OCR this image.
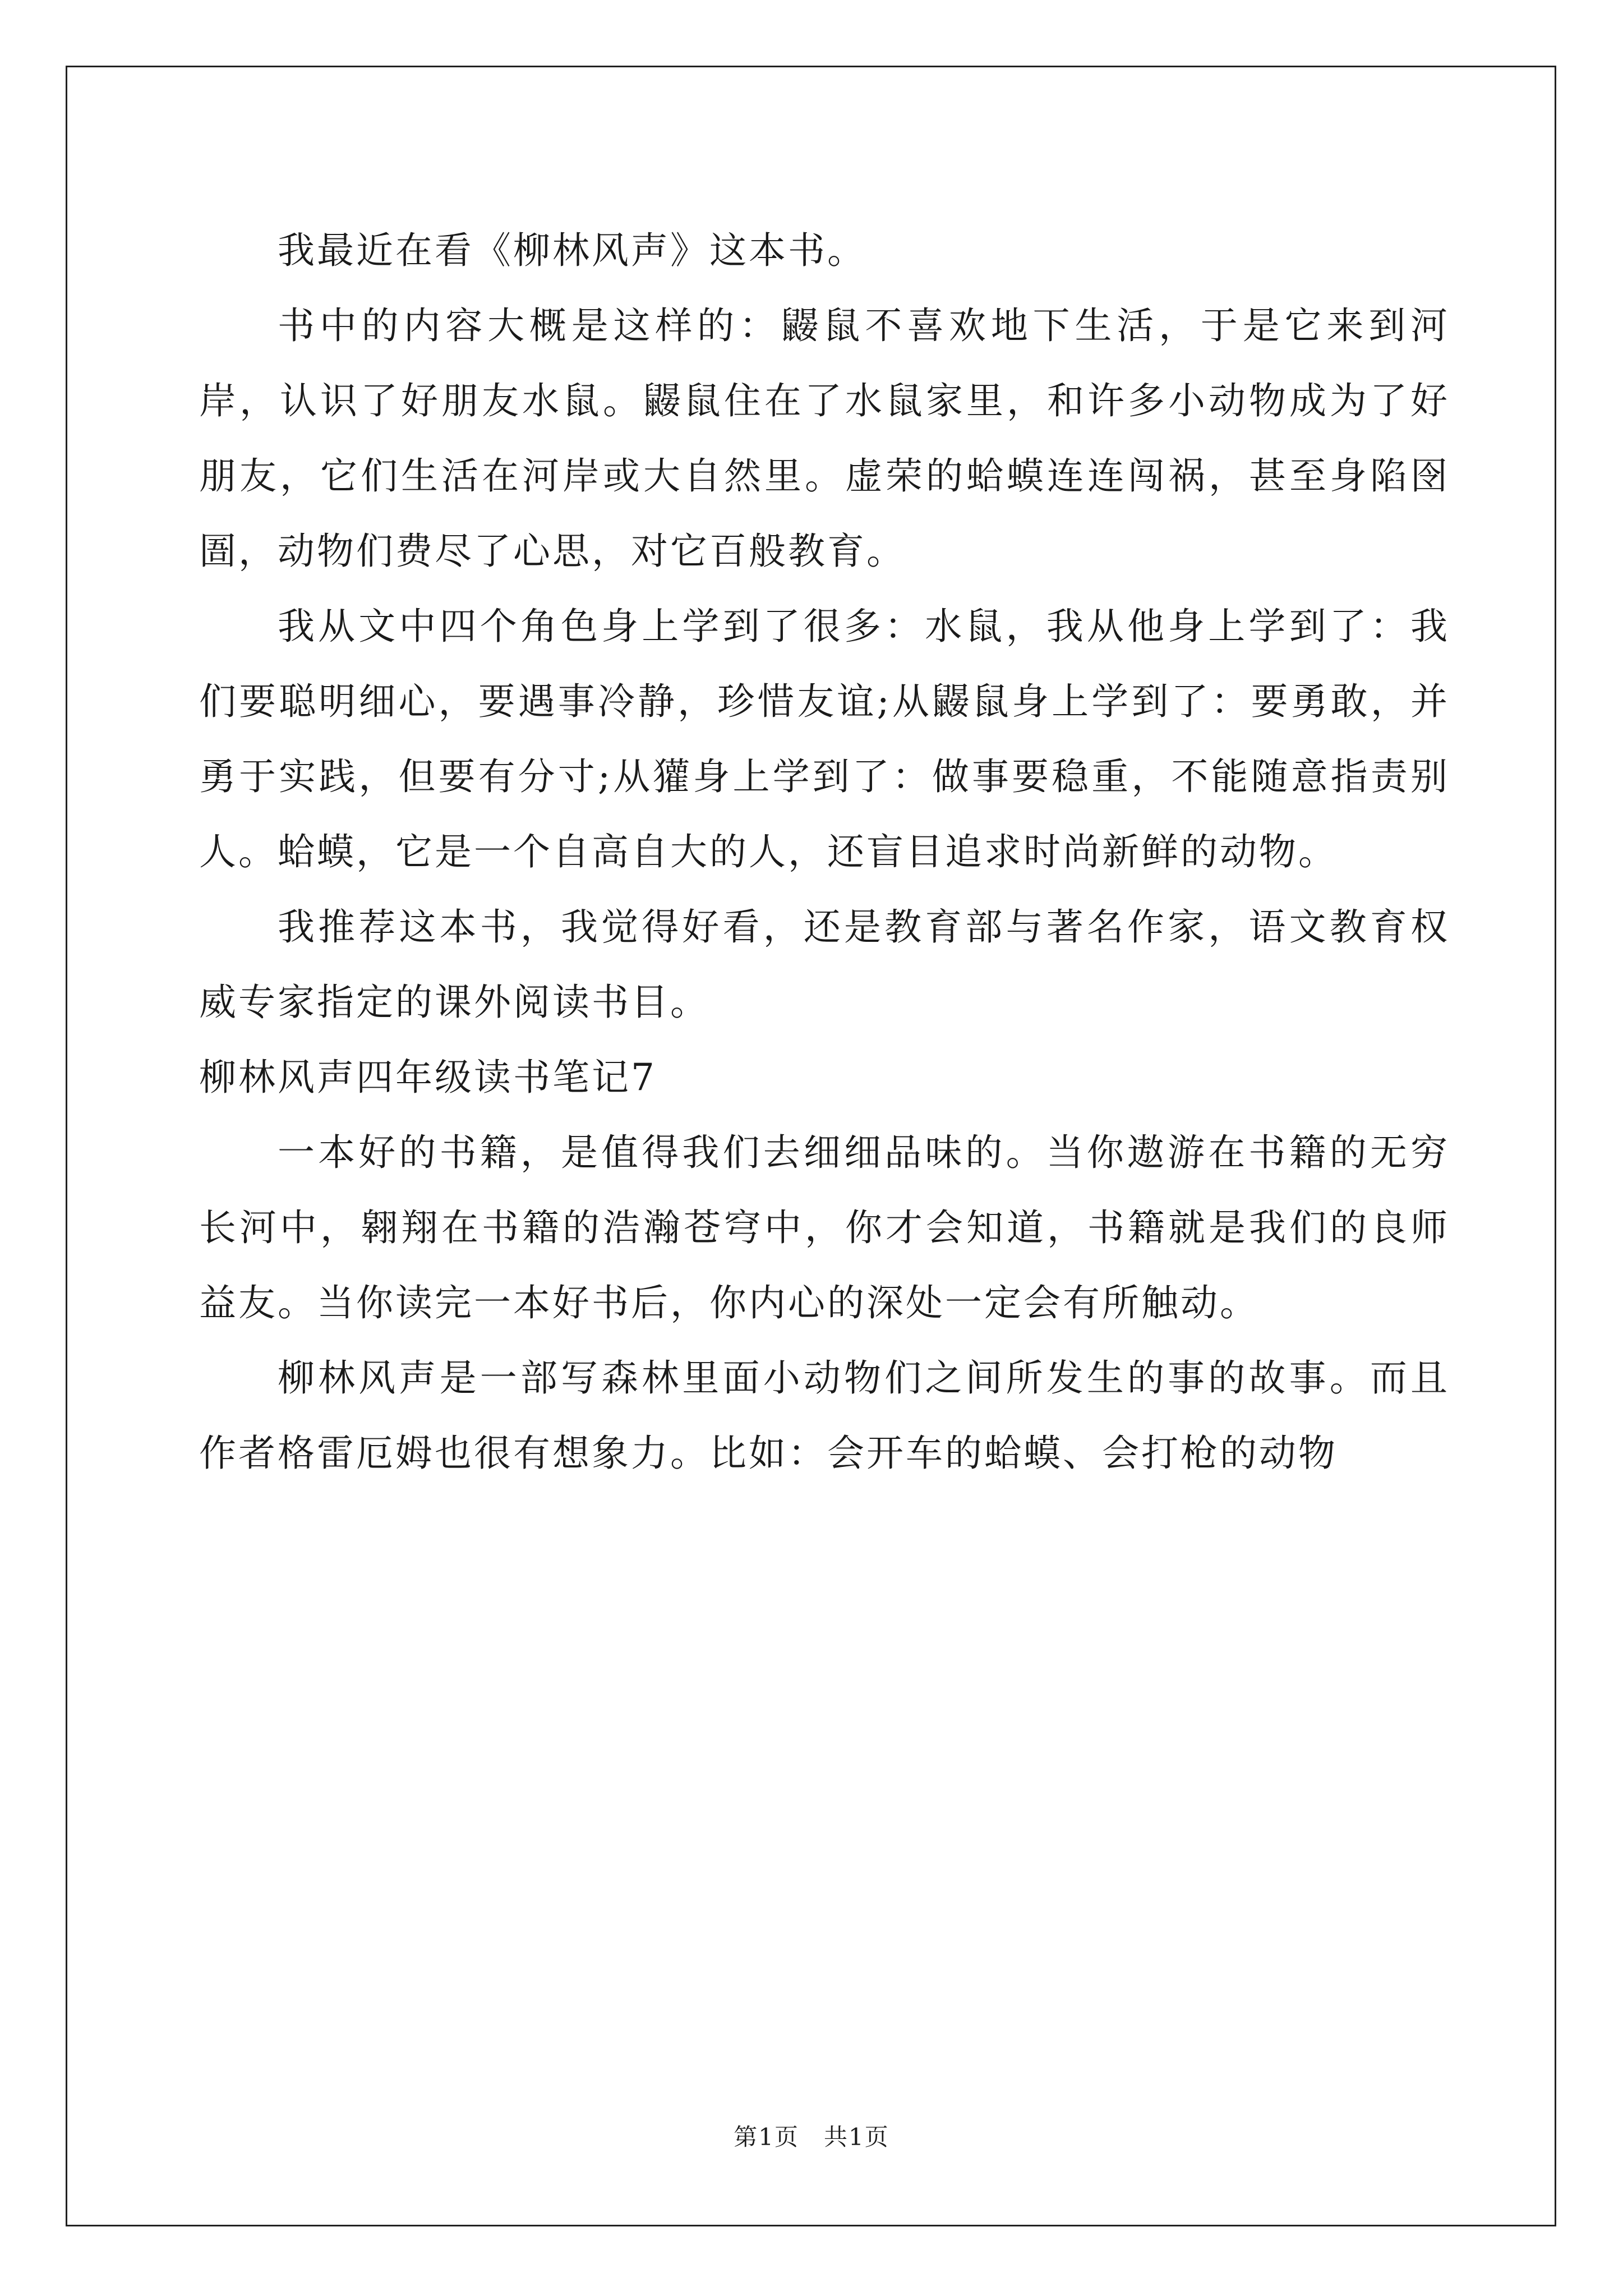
我最近在看《柳林风声》这本书。

书中的内容大概是这样的：鼹鼠不喜欢地下生活，于是它来到河岸，认识了好朋友水鼠。鼹鼠住在了水鼠家里，和许多小动物成为了好朋友，它们生活在河岸或大自然里。虚荣的蛤蟆连连闯祸，甚至身陷囹圄，动物们费尽了心思，对它百般教育。

我从文中四个角色身上学到了很多：水鼠，我从他身上学到了：我们要聪明细心，要遇事冷静，珍惜友谊;从鼹鼠身上学到了：要勇敢，并勇于实践，但要有分寸;从獾身上学到了：做事要稳重，不能随意指责别人。蛤蟆，它是一个自高自大的人，还盲目追求时尚新鲜的动物。

我推荐这本书，我觉得好看，还是教育部与著名作家，语文教育权威专家指定的课外阅读书目。

柳林风声四年级读书笔记7

一本好的书籍，是值得我们去细细品味的。当你遨游在书籍的无穷长河中，翱翔在书籍的浩瀚苍穹中，你才会知道，书籍就是我们的良师益友。当你读完一本好书后，你内心的深处一定会有所触动。

柳林风声是一部写森林里面小动物们之间所发生的事的故事。而且作者格雷厄姆也很有想象力。比如：会开车的蛤蟆、会打枪的动物

第1页　共1页
